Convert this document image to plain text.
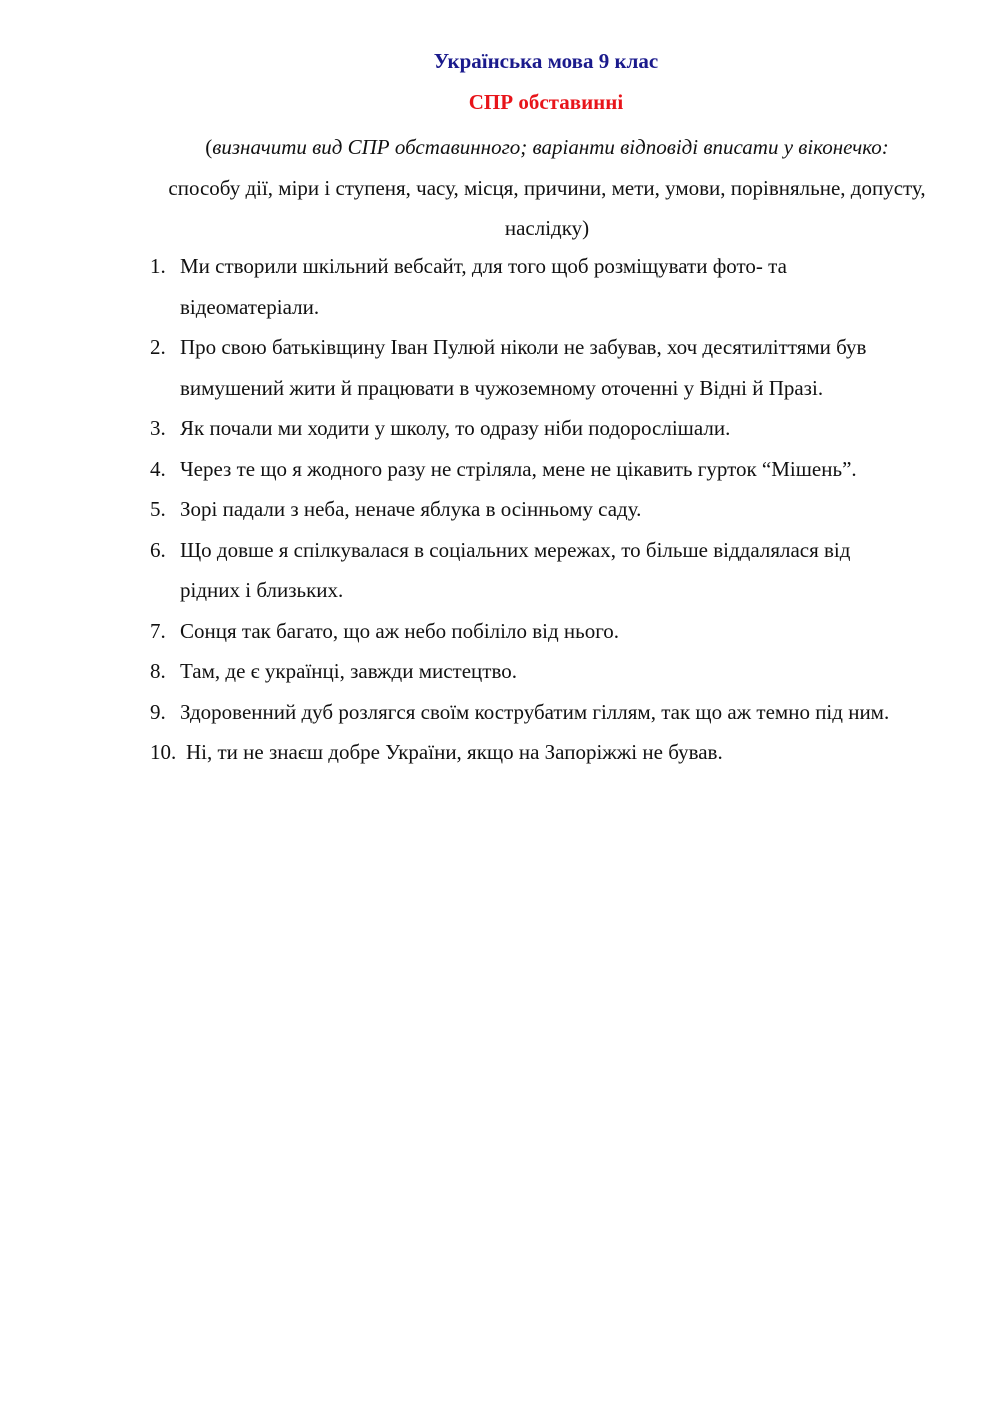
Українська мова 9 клас
СПР обставинні
(визначити вид СПР обставинного; варіанти відповіді вписати у віконечко:
способу дії, міри і ступеня, часу, місця, причини, мети, умови, порівняльне, допусту,
наслідку)
1. Ми створили шкільний вебсайт, для того щоб розміщувати фото- та
відеоматеріали.
2. Про свою батьківщину Іван Пулюй ніколи не забував, хоч десятиліттями був
вимушений жити й працювати в чужоземному оточенні у Відні й Празі.
3. Як почали ми ходити у школу, то одразу ніби подорослішали.
4. Через те що я жодного разу не стріляла, мене не цікавить гурток “Мішень”.
5. Зорі падали з неба, неначе яблука в осінньому саду.
6. Що довше я спілкувалася в соціальних мережах, то більше віддалялася від
рідних і близьких.
7. Сонця так багато, що аж небо побіліло від нього.
8. Там, де є українці, завжди мистецтво.
9. Здоровенний дуб розлягся своїм кострубатим гіллям, так що аж темно під ним.
10. Ні, ти не знаєш добре України, якщо на Запоріжжі не бував.
